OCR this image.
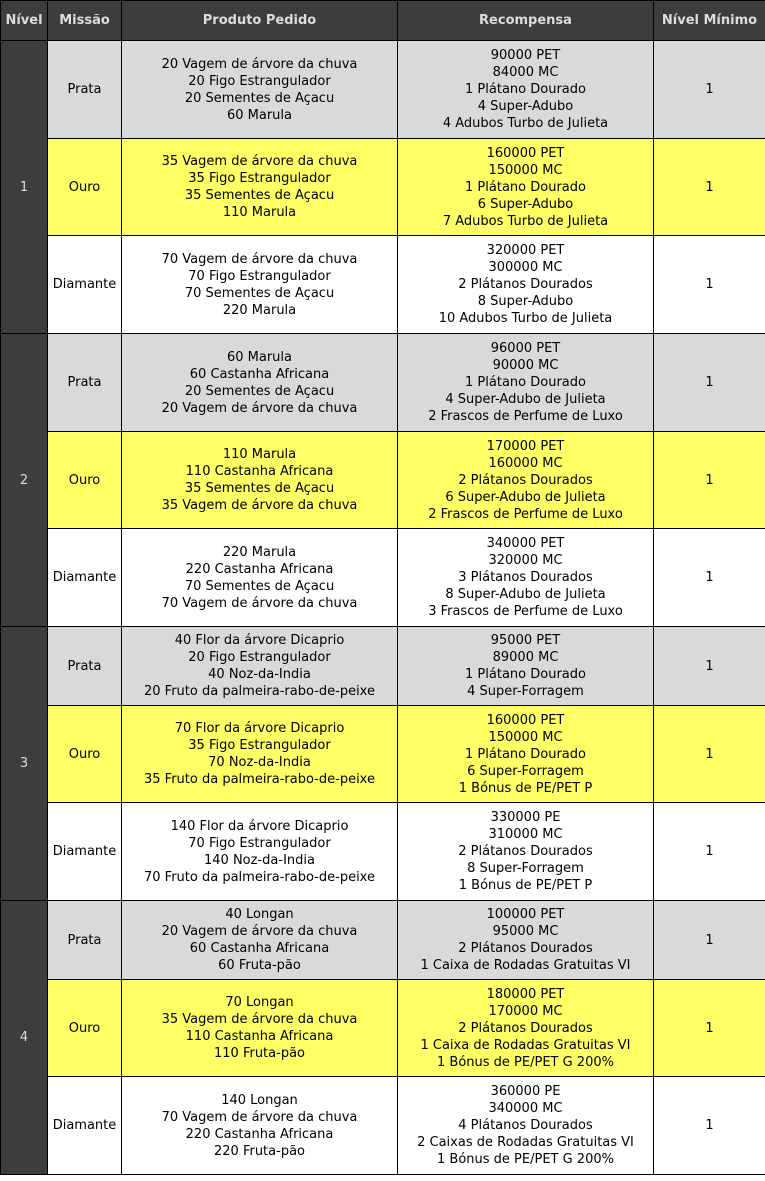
Nível	Missão	Produto Pedido	Recompensa	Nível Mínimo
1	Prata	20 Vagem de árvore da chuva
20 Figo Estrangulador
20 Sementes de Açacu
60 Marula	90000 PET
84000 MC
1 Plátano Dourado
4 Super-Adubo
4 Adubos Turbo de Julieta	1
	Ouro	35 Vagem de árvore da chuva
35 Figo Estrangulador
35 Sementes de Açacu
110 Marula	160000 PET
150000 MC
1 Plátano Dourado
6 Super-Adubo
7 Adubos Turbo de Julieta	1
	Diamante	70 Vagem de árvore da chuva
70 Figo Estrangulador
70 Sementes de Açacu
220 Marula	320000 PET
300000 MC
2 Plátanos Dourados
8 Super-Adubo
10 Adubos Turbo de Julieta	1
2	Prata	60 Marula
60 Castanha Africana
20 Sementes de Açacu
20 Vagem de árvore da chuva	96000 PET
90000 MC
1 Plátano Dourado
4 Super-Adubo de Julieta
2 Frascos de Perfume de Luxo	1
	Ouro	110 Marula
110 Castanha Africana
35 Sementes de Açacu
35 Vagem de árvore da chuva	170000 PET
160000 MC
2 Plátanos Dourados
6 Super-Adubo de Julieta
2 Frascos de Perfume de Luxo	1
	Diamante	220 Marula
220 Castanha Africana
70 Sementes de Açacu
70 Vagem de árvore da chuva	340000 PET
320000 MC
3 Plátanos Dourados
8 Super-Adubo de Julieta
3 Frascos de Perfume de Luxo	1
3	Prata	40 Flor da árvore Dicaprio
20 Figo Estrangulador
40 Noz-da-India
20 Fruto da palmeira-rabo-de-peixe	95000 PET
89000 MC
1 Plátano Dourado
4 Super-Forragem	1
	Ouro	70 Flor da árvore Dicaprio
35 Figo Estrangulador
70 Noz-da-India
35 Fruto da palmeira-rabo-de-peixe	160000 PET
150000 MC
1 Plátano Dourado
6 Super-Forragem
1 Bónus de PE/PET P	1
	Diamante	140 Flor da árvore Dicaprio
70 Figo Estrangulador
140 Noz-da-India
70 Fruto da palmeira-rabo-de-peixe	330000 PE
310000 MC
2 Plátanos Dourados
8 Super-Forragem
1 Bónus de PE/PET P	1
4	Prata	40 Longan
20 Vagem de árvore da chuva
60 Castanha Africana
60 Fruta-pão	100000 PET
95000 MC
2 Plátanos Dourados
1 Caixa de Rodadas Gratuitas VI	1
	Ouro	70 Longan
35 Vagem de árvore da chuva
110 Castanha Africana
110 Fruta-pão	180000 PET
170000 MC
2 Plátanos Dourados
1 Caixa de Rodadas Gratuitas VI
1 Bónus de PE/PET G 200%	1
	Diamante	140 Longan
70 Vagem de árvore da chuva
220 Castanha Africana
220 Fruta-pão	360000 PE
340000 MC
4 Plátanos Dourados
2 Caixas de Rodadas Gratuitas VI
1 Bónus de PE/PET G 200%	1
